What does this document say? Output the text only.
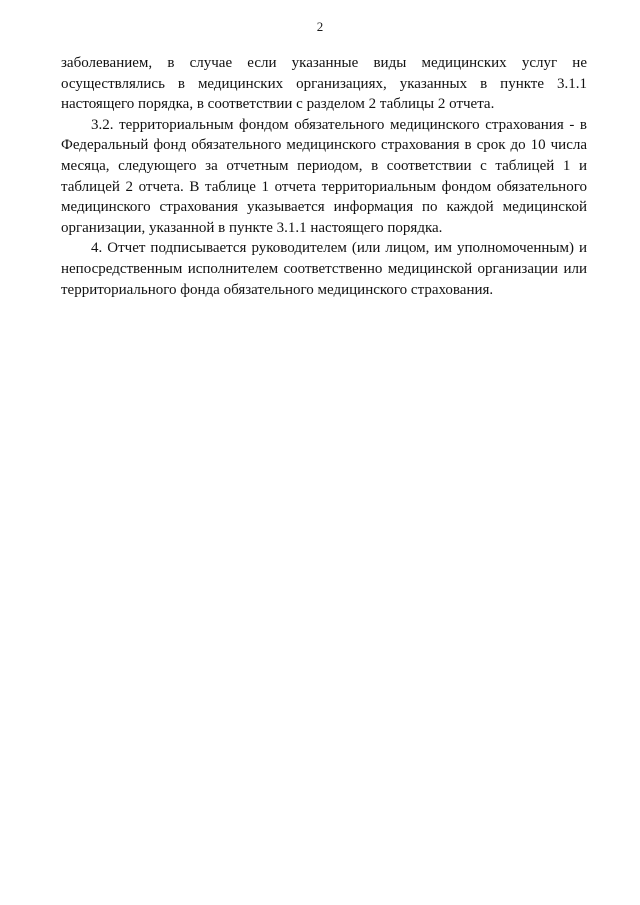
2

заболеванием, в случае если указанные виды медицинских услуг не осуществлялись в медицинских организациях, указанных в пункте 3.1.1 настоящего порядка, в соответствии с разделом 2 таблицы 2 отчета.

3.2. территориальным фондом обязательного медицинского страхования - в Федеральный фонд обязательного медицинского страхования в срок до 10 числа месяца, следующего за отчетным периодом, в соответствии с таблицей 1 и таблицей 2 отчета. В таблице 1 отчета территориальным фондом обязательного медицинского страхования указывается информация по каждой медицинской организации, указанной в пункте 3.1.1 настоящего порядка.

4. Отчет подписывается руководителем (или лицом, им уполномоченным) и непосредственным исполнителем соответственно медицинской организации или территориального фонда обязательного медицинского страхования.
